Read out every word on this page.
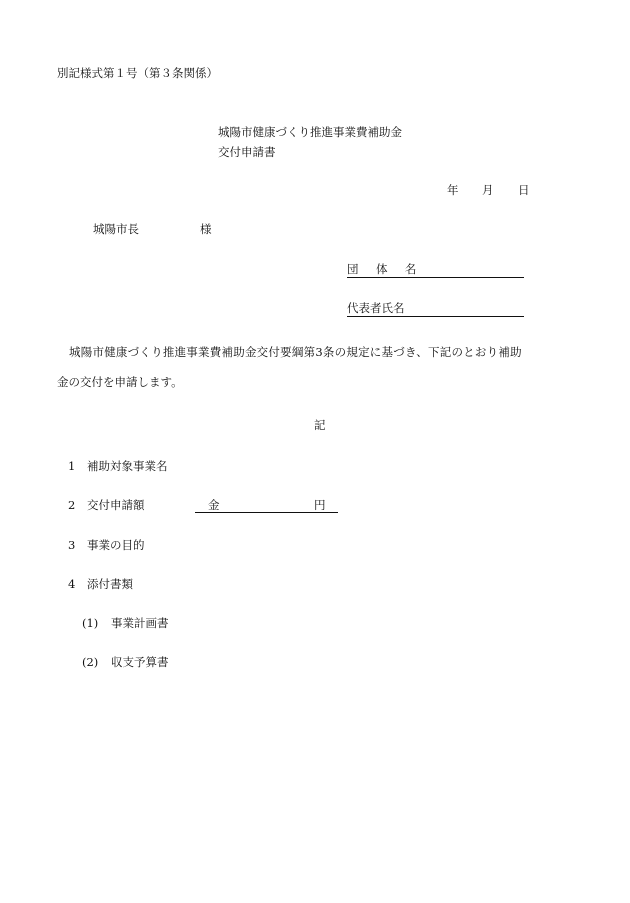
別記様式第１号（第３条関係）
城陽市健康づくり推進事業費補助金
交付申請書
年 月 日
城陽市長	様
団 体 名
代表者氏名
城陽市健康づくり推進事業費補助金交付要綱第3条の規定に基づき、下記のとおり補助
金の交付を申請します。
記
1 補助対象事業名
2 交付申請額	金	円
3 事業の目的
4 添付書類
(1) 事業計画書
(2) 収支予算書
